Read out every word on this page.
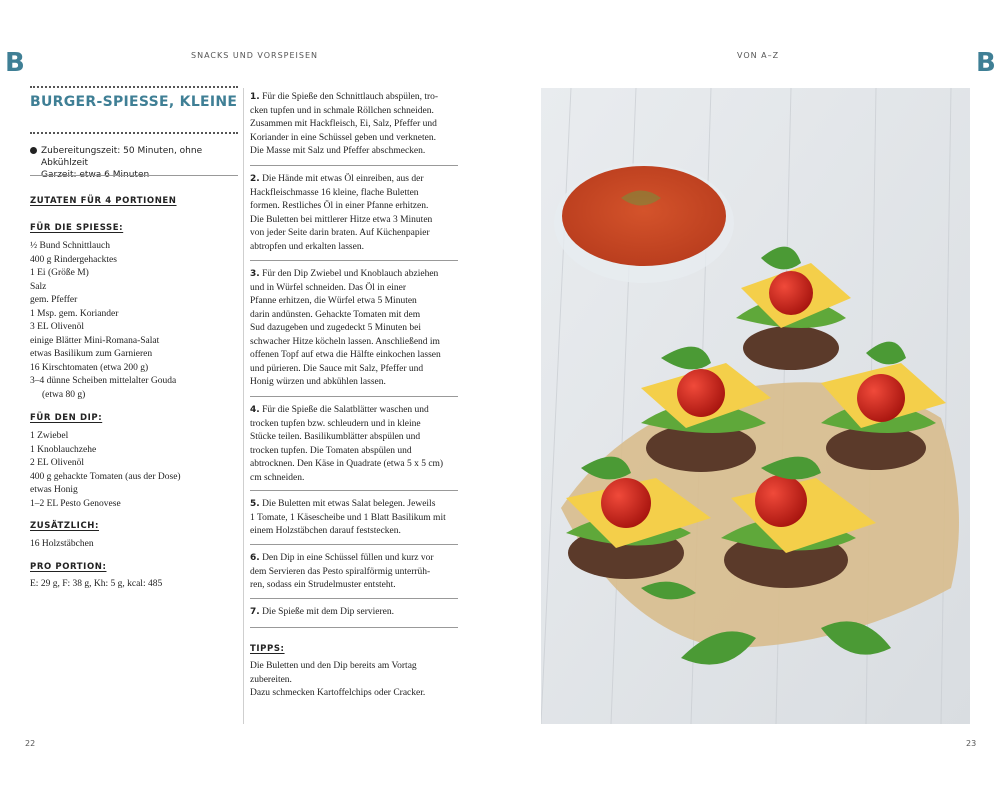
B	B
SNACKS UND VORSPEISEN	VON A–Z
BURGER-SPIESSE, KLEINE
Zubereitungszeit: 50 Minuten, ohne Abkühlzeit
Garzeit: etwa 6 Minuten
ZUTATEN FÜR 4 PORTIONEN
FÜR DIE SPIESSE:
½ Bund Schnittlauch
400 g Rindergehacktes
1 Ei (Größe M)
Salz
gem. Pfeffer
1 Msp. gem. Koriander
3 EL Olivenöl
einige Blätter Mini-Romana-Salat
etwas Basilikum zum Garnieren
16 Kirschtomaten (etwa 200 g)
3–4 dünne Scheiben mittelalter Gouda
(etwa 80 g)
FÜR DEN DIP:
1 Zwiebel
1 Knoblauchzehe
2 EL Olivenöl
400 g gehackte Tomaten (aus der Dose)
etwas Honig
1–2 EL Pesto Genovese
ZUSÄTZLICH:
16 Holzstäbchen
PRO PORTION:
E: 29 g, F: 38 g, Kh: 5 g, kcal: 485
1. Für die Spieße den Schnittlauch abspülen, tro-
cken tupfen und in schmale Röllchen schneiden.
Zusammen mit Hackfleisch, Ei, Salz, Pfeffer und
Koriander in eine Schüssel geben und verkneten.
Die Masse mit Salz und Pfeffer abschmecken.
2. Die Hände mit etwas Öl einreiben, aus der
Hackfleischmasse 16 kleine, flache Buletten
formen. Restliches Öl in einer Pfanne erhitzen.
Die Buletten bei mittlerer Hitze etwa 3 Minuten
von jeder Seite darin braten. Auf Küchenpapier
abtropfen und erkalten lassen.
3. Für den Dip Zwiebel und Knoblauch abziehen
und in Würfel schneiden. Das Öl in einer
Pfanne erhitzen, die Würfel etwa 5 Minuten
darin andünsten. Gehackte Tomaten mit dem
Sud dazugeben und zugedeckt 5 Minuten bei
schwacher Hitze köcheln lassen. Anschließend im
offenen Topf auf etwa die Hälfte einkochen lassen
und pürieren. Die Sauce mit Salz, Pfeffer und
Honig würzen und abkühlen lassen.
4. Für die Spieße die Salatblätter waschen und
trocken tupfen bzw. schleudern und in kleine
Stücke teilen. Basilikumblätter abspülen und
trocken tupfen. Die Tomaten abspülen und
abtrocknen. Den Käse in Quadrate (etwa 5 x 5 cm)
cm schneiden.
5. Die Buletten mit etwas Salat belegen. Jeweils
1 Tomate, 1 Käsescheibe und 1 Blatt Basilikum mit
einem Holzstäbchen darauf feststecken.
6. Den Dip in eine Schüssel füllen und kurz vor
dem Servieren das Pesto spiralförmig unterrüh-
ren, sodass ein Strudelmuster entsteht.
7. Die Spieße mit dem Dip servieren.
TIPPS:
Die Buletten und den Dip bereits am Vortag
zubereiten.
Dazu schmecken Kartoffelchips oder Cracker.
22	23
